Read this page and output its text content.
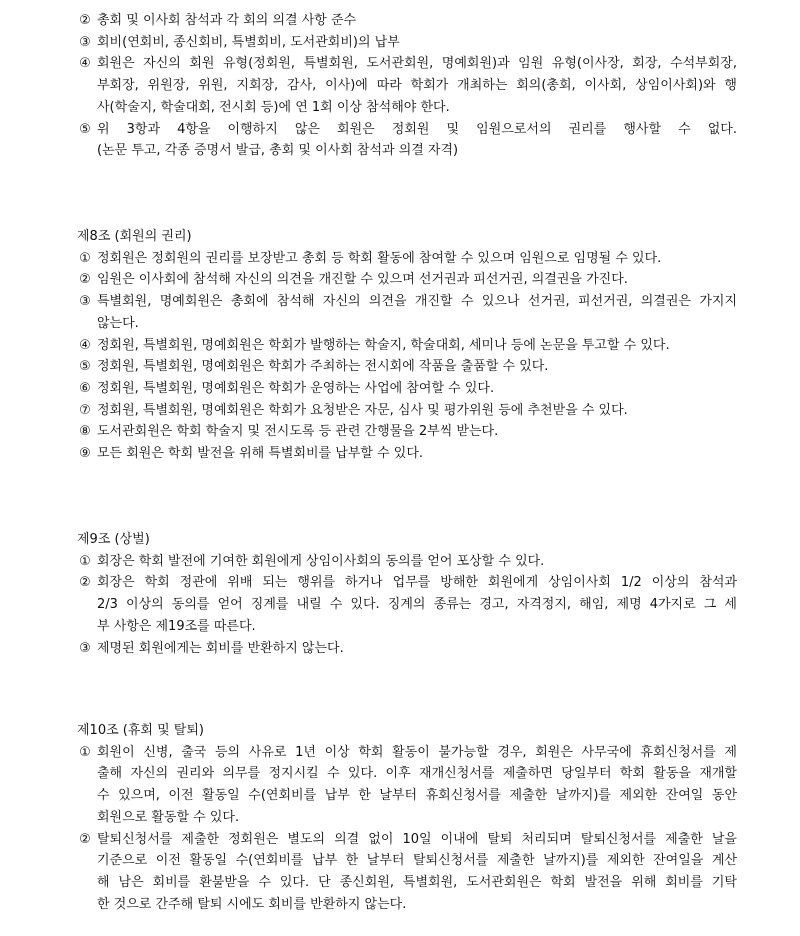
② 총회 및 이사회 참석과 각 회의 의결 사항 준수
③ 회비(연회비, 종신회비, 특별회비, 도서관회비)의 납부
④ 회원은 자신의 회원 유형(정회원, 특별회원, 도서관회원, 명예회원)과 임원 유형(이사장, 회장, 수석부회장,
부회장, 위원장, 위원, 지회장, 감사, 이사)에 따라 학회가 개최하는 회의(총회, 이사회, 상임이사회)와 행
사(학술지, 학술대회, 전시회 등)에 연 1회 이상 참석해야 한다.
⑤ 위 3항과 4항을 이행하지 않은 회원은 정회원 및 임원으로서의 권리를 행사할 수 없다.
(논문 투고, 각종 증명서 발급, 총회 및 이사회 참석과 의결 자격)
제8조 (회원의 권리)
① 정회원은 정회원의 권리를 보장받고 총회 등 학회 활동에 참여할 수 있으며 임원으로 임명될 수 있다.
② 임원은 이사회에 참석해 자신의 의견을 개진할 수 있으며 선거권과 피선거권, 의결권을 가진다.
③ 특별회원, 명예회원은 총회에 참석해 자신의 의견을 개진할 수 있으나 선거권, 피선거권, 의결권은 가지지
않는다.
④ 정회원, 특별회원, 명예회원은 학회가 발행하는 학술지, 학술대회, 세미나 등에 논문을 투고할 수 있다.
⑤ 정회원, 특별회원, 명예회원은 학회가 주최하는 전시회에 작품을 출품할 수 있다.
⑥ 정회원, 특별회원, 명예회원은 학회가 운영하는 사업에 참여할 수 있다.
⑦ 정회원, 특별회원, 명예회원은 학회가 요청받은 자문, 심사 및 평가위원 등에 추천받을 수 있다.
⑧ 도서관회원은 학회 학술지 및 전시도록 등 관련 간행물을 2부씩 받는다.
⑨ 모든 회원은 학회 발전을 위해 특별회비를 납부할 수 있다.
제9조 (상벌)
① 회장은 학회 발전에 기여한 회원에게 상임이사회의 동의를 얻어 포상할 수 있다.
② 회장은 학회 정관에 위배 되는 행위를 하거나 업무를 방해한 회원에게 상임이사회 1/2 이상의 참석과
2/3 이상의 동의를 얻어 징계를 내릴 수 있다. 징계의 종류는 경고, 자격정지, 해임, 제명 4가지로 그 세
부 사항은 제19조를 따른다.
③ 제명된 회원에게는 회비를 반환하지 않는다.
제10조 (휴회 및 탈퇴)
① 회원이 신병, 출국 등의 사유로 1년 이상 학회 활동이 불가능할 경우, 회원은 사무국에 휴회신청서를 제
출해 자신의 권리와 의무를 정지시킬 수 있다. 이후 재개신청서를 제출하면 당일부터 학회 활동을 재개할
수 있으며, 이전 활동일 수(연회비를 납부 한 날부터 휴회신청서를 제출한 날까지)를 제외한 잔여일 동안
회원으로 활동할 수 있다.
② 탈퇴신청서를 제출한 정회원은 별도의 의결 없이 10일 이내에 탈퇴 처리되며 탈퇴신청서를 제출한 날을
기준으로 이전 활동일 수(연회비를 납부 한 날부터 탈퇴신청서를 제출한 날까지)를 제외한 잔여일을 계산
해 남은 회비를 환불받을 수 있다. 단 종신회원, 특별회원, 도서관회원은 학회 발전을 위해 회비를 기탁
한 것으로 간주해 탈퇴 시에도 회비를 반환하지 않는다.
